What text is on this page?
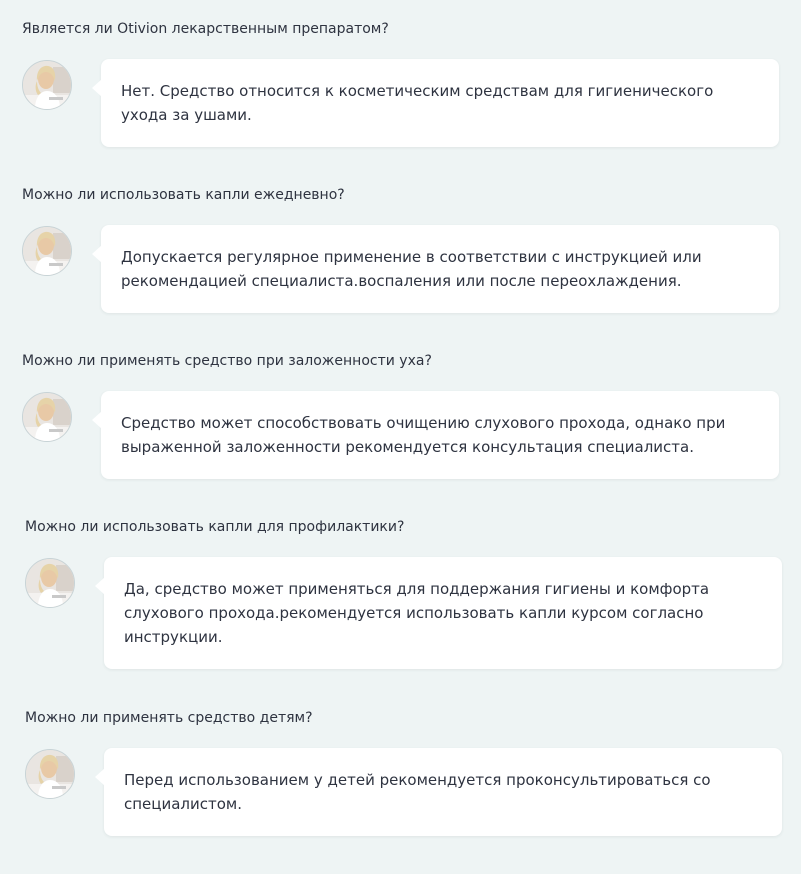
Является ли Otivion лекарственным препаратом?
Нет. Средство относится к косметическим средствам для гигиенического ухода за ушами.
Можно ли использовать капли ежедневно?
Допускается регулярное применение в соответствии с инструкцией или рекомендацией специалиста.воспаления или после переохлаждения.
Можно ли применять средство при заложенности уха?
Средство может способствовать очищению слухового прохода, однако при выраженной заложенности рекомендуется консультация специалиста.
Можно ли использовать капли для профилактики?
Да, средство может применяться для поддержания гигиены и комфорта слухового прохода.рекомендуется использовать капли курсом согласно инструкции.
Можно ли применять средство детям?
Перед использованием у детей рекомендуется проконсультироваться со специалистом.
